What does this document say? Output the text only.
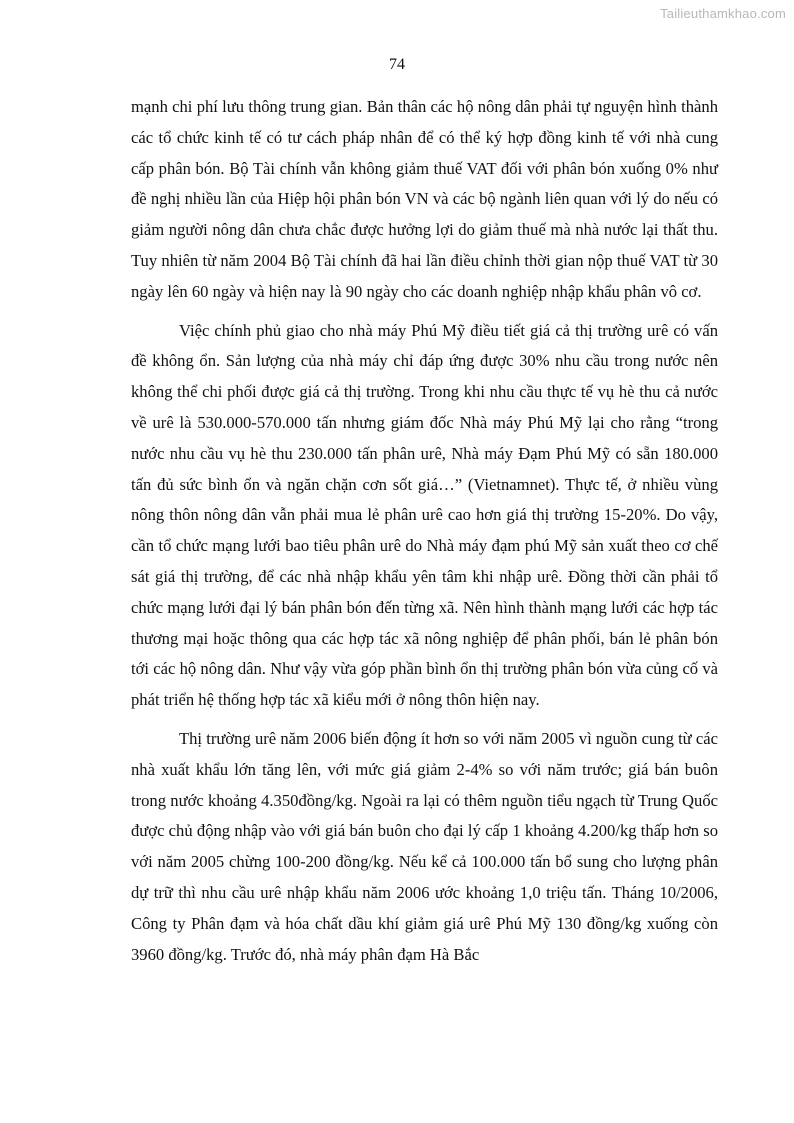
Tailieuthamkhao.com
74

mạnh chi phí lưu thông trung gian. Bản thân các hộ nông dân phải tự nguyện hình thành các tổ chức kinh tế có tư cách pháp nhân để có thể ký hợp đồng kinh tế với nhà cung cấp phân bón. Bộ Tài chính vẫn không giảm thuế VAT đối với phân bón xuống 0% như đề nghị nhiều lần của Hiệp hội phân bón VN và các bộ ngành liên quan với lý do nếu có giảm người nông dân chưa chắc được hưởng lợi do giảm thuế mà nhà nước lại thất thu. Tuy nhiên từ năm 2004 Bộ Tài chính đã hai lần điều chỉnh thời gian nộp thuế VAT từ 30 ngày lên 60 ngày và hiện nay là 90 ngày cho các doanh nghiệp nhập khẩu phân vô cơ.

Việc chính phủ giao cho nhà máy Phú Mỹ điều tiết giá cả thị trường urê có vấn đề không ổn. Sản lượng của nhà máy chỉ đáp ứng được 30% nhu cầu trong nước nên không thể chi phối được giá cả thị trường. Trong khi nhu cầu thực tế vụ hè thu cả nước về urê là 530.000-570.000 tấn nhưng giám đốc Nhà máy Phú Mỹ lại cho rằng “trong nước nhu cầu vụ hè thu 230.000 tấn phân urê, Nhà máy Đạm Phú Mỹ có sẵn 180.000 tấn đủ sức bình ổn và ngăn chặn cơn sốt giá…” (Vietnamnet). Thực tế, ở nhiều vùng nông thôn nông dân vẫn phải mua lẻ phân urê cao hơn giá thị trường 15-20%. Do vậy, cần tổ chức mạng lưới bao tiêu phân urê do Nhà máy đạm phú Mỹ sản xuất theo cơ chế sát giá thị trường, để các nhà nhập khẩu yên tâm khi nhập urê. Đồng thời cần phải tổ chức mạng lưới đại lý bán phân bón đến từng xã. Nên hình thành mạng lưới các hợp tác thương mại hoặc thông qua các hợp tác xã nông nghiệp để phân phối, bán lẻ phân bón tới các hộ nông dân. Như vậy vừa góp phần bình ổn thị trường phân bón vừa củng cố và phát triển hệ thống hợp tác xã kiểu mới ở nông thôn hiện nay.

Thị trường urê năm 2006 biến động ít hơn so với năm 2005 vì nguồn cung từ các nhà xuất khẩu lớn tăng lên, với mức giá giảm 2-4% so với năm trước; giá bán buôn trong nước khoảng 4.350đồng/kg. Ngoài ra lại có thêm nguồn tiểu ngạch từ Trung Quốc được chủ động nhập vào với giá bán buôn cho đại lý cấp 1 khoảng 4.200/kg thấp hơn so với năm 2005 chừng 100-200 đồng/kg. Nếu kể cả 100.000 tấn bổ sung cho lượng phân dự trữ thì nhu cầu urê nhập khẩu năm 2006 ước khoảng 1,0 triệu tấn. Tháng 10/2006, Công ty Phân đạm và hóa chất dầu khí giảm giá urê Phú Mỹ 130 đồng/kg xuống còn 3960 đồng/kg. Trước đó, nhà máy phân đạm Hà Bắc
